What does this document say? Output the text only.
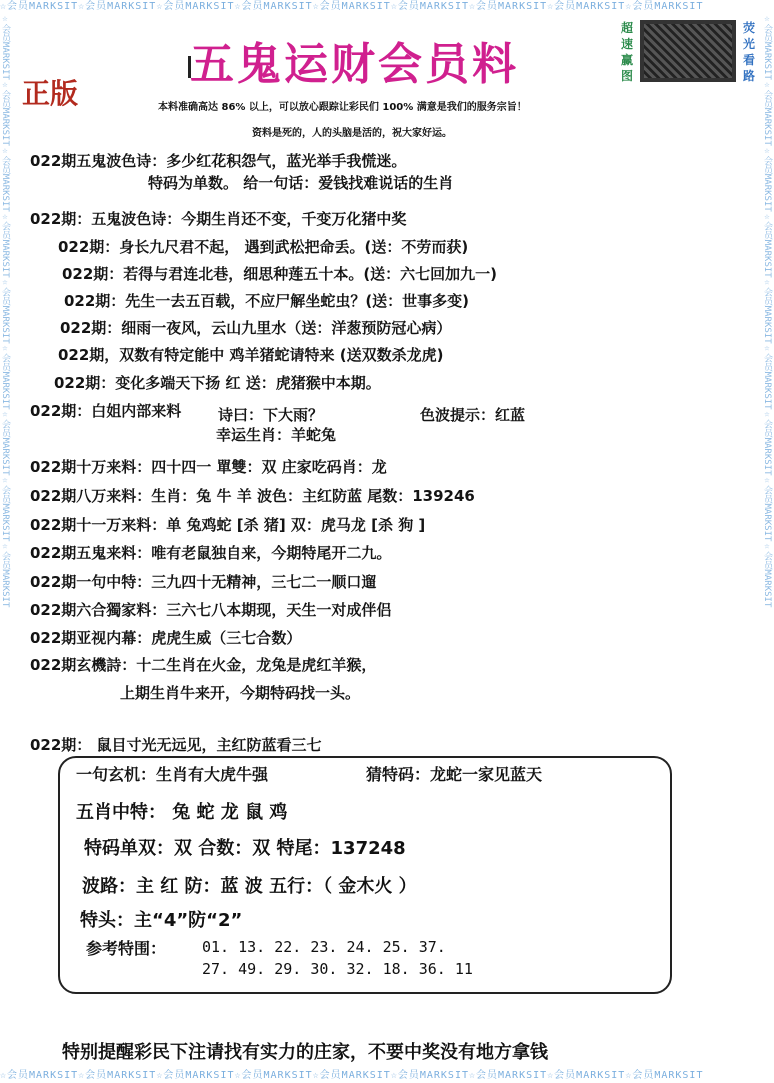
☆会员MARKSIT☆会员MARKSIT☆会员MARKSIT☆会员MARKSIT☆会员MARKSIT☆会员MARKSIT☆会员MARKSIT☆会员MARKSIT☆会员MARKSIT
☆会员MARKSIT☆会员MARKSIT☆会员MARKSIT☆会员MARKSIT☆会员MARKSIT☆会员MARKSIT☆会员MARKSIT☆会员MARKSIT☆会员MARKSIT
☆会员MARKSIT☆会员MARKSIT☆会员MARKSIT☆会员MARKSIT☆会员MARKSIT☆会员MARKSIT☆会员MARKSIT☆会员MARKSIT☆会员MARKSIT	☆会员MARKSIT☆会员MARKSIT☆会员MARKSIT☆会员MARKSIT☆会员MARKSIT☆会员MARKSIT☆会员MARKSIT☆会员MARKSIT☆会员MARKSIT
五鬼运财会员料
正版
超速赢图
荧光看路
本料准确高达 86% 以上，可以放心跟踪让彩民们 100% 满意是我们的服务宗旨！
资料是死的，人的头脑是活的，祝大家好运。
022期五鬼波色诗：多少红花积怨气，蓝光举手我慌迷。
特码为单数。 给一句话：爱钱找难说话的生肖
022期：五鬼波色诗：今期生肖还不变，千变万化猪中奖
022期：身长九尺君不起， 遇到武松把命丢。(送：不劳而获)
022期：若得与君连北巷，细思种莲五十本。(送：六七回加九一)
022期：先生一去五百载，不应尸解坐蛇虫？(送：世事多变)
022期：细雨一夜风，云山九里水（送：洋葱预防冠心病）
022期，双数有特定能中 鸡羊猪蛇请特来 (送双数杀龙虎)
022期：变化多端天下扬 红 送：虎猪猴中本期。
022期：白姐内部来料 诗曰：下大雨？	色波提示：红蓝
幸运生肖：羊蛇兔
022期十万来料：四十四一 單雙：双 庄家吃码肖：龙
022期八万来料：生肖：兔 牛 羊 波色：主红防蓝 尾数：139246
022期十一万来料：单 兔鸡蛇 [杀 猪] 双：虎马龙 [杀 狗 ]
022期五鬼来料：唯有老鼠独自来，今期特尾开二九。
022期一句中特：三九四十无精神，三七二一顺口遛
022期六合獨家料：三六七八本期现，天生一对成伴侣
022期亚视内幕：虎虎生威（三七合数）
022期玄機詩：十二生肖在火金，龙兔是虎红羊猴，
上期生肖牛来开，今期特码找一头。
022期： 鼠目寸光无远见，主红防蓝看三七
一句玄机：生肖有大虎牛强	猜特码：龙蛇一家见蓝天
五肖中特： 兔 蛇 龙 鼠 鸡
特码单双：双 合数：双 特尾：137248
波路：主 红 防：蓝 波 五行：（ 金木火 ）
特头：主“4”防“2”
参考特围： 01. 13. 22. 23. 24. 25. 37.
27. 49. 29. 30. 32. 18. 36. 11
特别提醒彩民下注请找有实力的庄家，不要中奖没有地方拿钱
